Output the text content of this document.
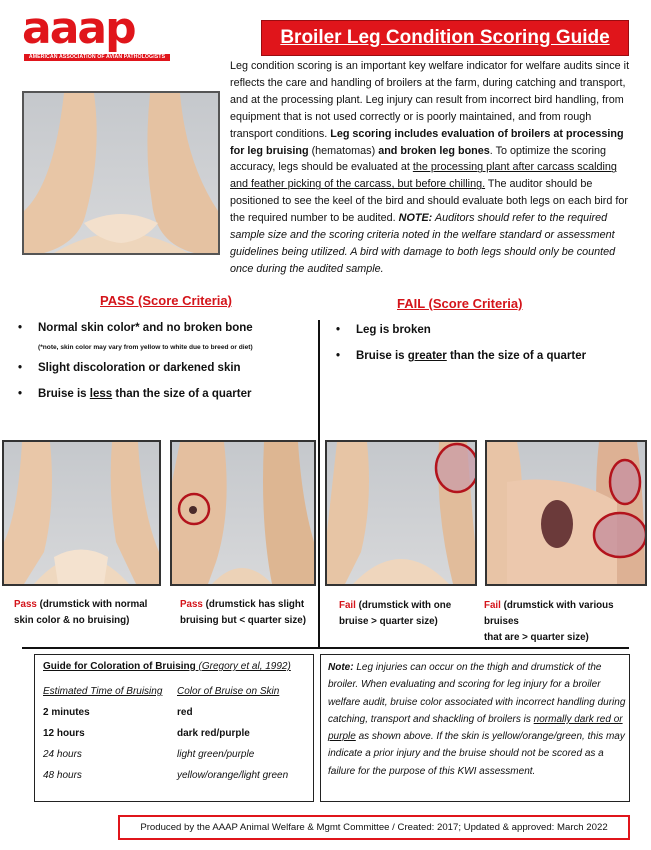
aaap
AMERICAN ASSOCIATION OF AVIAN PATHOLOGISTS
Broiler Leg Condition Scoring Guide
Leg condition scoring is an important key welfare indicator for welfare audits since it reflects the care and handling of broilers at the farm, during catching and transport, and at the processing plant. Leg injury can result from incorrect bird handling, from equipment that is not used correctly or is poorly maintained, and from rough transport conditions. Leg scoring includes evaluation of broilers at processing for leg bruising (hematomas) and broken leg bones. To optimize the scoring accuracy, legs should be evaluated at the processing plant after carcass scalding and feather picking of the carcass, but before chilling. The auditor should be positioned to see the keel of the bird and should evaluate both legs on each bird for the required number to be audited. NOTE: Auditors should refer to the required sample size and the scoring criteria noted in the welfare standard or assessment guidelines being utilized. A bird with damage to both legs should only be counted once during the audited sample.
PASS (Score Criteria)	FAIL (Score Criteria)
• Normal skin color* and no broken bone
(*note, skin color may vary from yellow to white due to breed or diet)
• Slight discoloration or darkened skin
• Bruise is less than the size of a quarter
• Leg is broken
• Bruise is greater than the size of a quarter
Pass (drumstick with normal
skin color & no bruising)
Pass (drumstick has slight
bruising but < quarter size)
Fail (drumstick with one
bruise > quarter size)
Fail (drumstick with various bruises
that are > quarter size)
Guide for Coloration of Bruising (Gregory et al, 1992)
Estimated Time of Bruising Color of Bruise on Skin
2 minutes	red
12 hours	dark red/purple
24 hours	light green/purple
48 hours	yellow/orange/light green
Note: Leg injuries can occur on the thigh and drumstick of the broiler. When evaluating and scoring for leg injury for a broiler welfare audit, bruise color associated with incorrect handling during catching, transport and shackling of broilers is normally dark red or purple as shown above. If the skin is yellow/orange/green, this may indicate a prior injury and the bruise should not be scored as a failure for the purpose of this KWI assessment.
Produced by the AAAP Animal Welfare & Mgmt Committee / Created: 2017; Updated & approved: March 2022
